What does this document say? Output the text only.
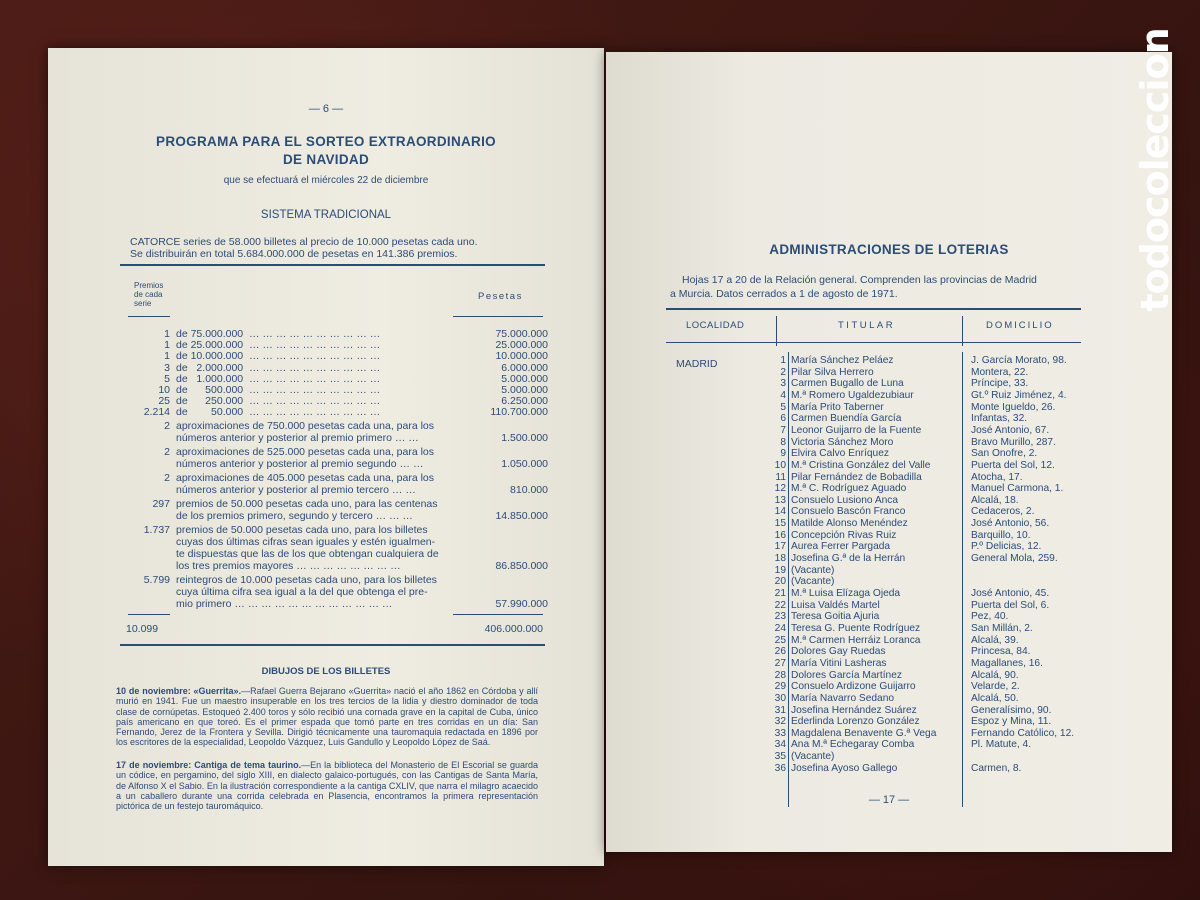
— 6 —
PROGRAMA PARA EL SORTEO EXTRAORDINARIO
DE NAVIDAD
que se efectuará el miércoles 22 de diciembre
SISTEMA TRADICIONAL
CATORCE series de 58.000 billetes al precio de 10.000 pesetas cada uno.
Se distribuirán en total 5.684.000.000 de pesetas en 141.386 premios.
Premios
de cada
serie
Pesetas
1 de 75.000.000  … … … … … … … … … …	75.000.000
1 de 25.000.000  … … … … … … … … … …	25.000.000
1 de 10.000.000  … … … … … … … … … …	10.000.000
3 de   2.000.000  … … … … … … … … … …	6.000.000
5 de   1.000.000  … … … … … … … … … …	5.000.000
10 de      500.000  … … … … … … … … … …	5.000.000
25 de      250.000  … … … … … … … … … …	6.250.000
2.214 de        50.000  … … … … … … … … … …	110.700.000
2 aproximaciones de 750.000 pesetas cada una, para los
números anterior y posterior al premio primero … …	1.500.000
2 aproximaciones de 525.000 pesetas cada una, para los
números anterior y posterior al premio segundo … …	1.050.000
2 aproximaciones de 405.000 pesetas cada una, para los
números anterior y posterior al premio tercero … …	810.000
297 premios de 50.000 pesetas cada uno, para las centenas
de los premios primero, segundo y tercero … … …	14.850.000
1.737 premios de 50.000 pesetas cada uno, para los billetes
cuyas dos últimas cifras sean iguales y estén igualmen-
te dispuestas que las de los que obtengan cualquiera de
los tres premios mayores … … … … … … … …	86.850.000
5.799 reintegros de 10.000 pesetas cada uno, para los billetes
cuya última cifra sea igual a la del que obtenga el pre-
mio primero … … … … … … … … … … … …	57.990.000
10.099	406.000.000
DIBUJOS DE LOS BILLETES
10 de noviembre: «Guerrita».—Rafael Guerra Bejarano «Guerrita» nació el año 1862 en Córdoba y allí murió en 1941. Fue un maestro insuperable en los tres tercios de la lidia y diestro dominador de toda clase de cornúpetas. Estoqueó 2.400 toros y sólo recibió una cornada grave en la capital de Cuba, único país americano en que toreó. Es el primer espada que tomó parte en tres corridas en un día: San Fernando, Jerez de la Frontera y Sevilla. Dirigió técnicamente una tauromaquia redactada en 1896 por los escritores de la especialidad, Leopoldo Vázquez, Luis Gandullo y Leopoldo López de Saá.
17 de noviembre: Cantiga de tema taurino.—En la biblioteca del Monasterio de El Escorial se guarda un códice, en pergamino, del siglo XIII, en dialecto galaico-portugués, con las Cantigas de Santa María, de Alfonso X el Sabio. En la ilustración correspondiente a la cantiga CXLIV, que narra el milagro acaecido a un caballero durante una corrida celebrada en Plasencia, encontramos la primera representación pictórica de un festejo tauromáquico.
ADMINISTRACIONES DE LOTERIAS
Hojas 17 a 20 de la Relación general. Comprenden las provincias de Madrid
a Murcia. Datos cerrados a 1 de agosto de 1971.
LOCALIDAD	TITULAR	DOMICILIO
MADRID	1 María Sánchez Peláez	J. García Morato, 98.
2 Pilar Silva Herrero	Montera, 22.
3 Carmen Bugallo de Luna	Príncipe, 33.
4 M.ª Romero Ugaldezubiaur	Gt.º Ruiz Jiménez, 4.
5 María Prito Taberner	Monte Igueldo, 26.
6 Carmen Buendía García	Infantas, 32.
7 Leonor Guijarro de la Fuente	José Antonio, 67.
8 Victoria Sánchez Moro	Bravo Murillo, 287.
9 Elvira Calvo Enríquez	San Onofre, 2.
10 M.ª Cristina González del Valle	Puerta del Sol, 12.
11 Pilar Fernández de Bobadilla	Atocha, 17.
12 M.ª C. Rodríguez Aguado	Manuel Carmona, 1.
13 Consuelo Lusiono Anca	Alcalá, 18.
14 Consuelo Bascón Franco	Cedaceros, 2.
15 Matilde Alonso Menéndez	José Antonio, 56.
16 Concepción Rivas Ruiz	Barquillo, 10.
17 Aurea Ferrer Pargada	P.º Delicias, 12.
18 Josefina G.ª de la Herrán	General Mola, 259.
19 (Vacante)
20 (Vacante)
21 M.ª Luisa Elízaga Ojeda	José Antonio, 45.
22 Luisa Valdés Martel	Puerta del Sol, 6.
23 Teresa Goitia Ajuria	Pez, 40.
24 Teresa G. Puente Rodríguez	San Millán, 2.
25 M.ª Carmen Herráiz Loranca	Alcalá, 39.
26 Dolores Gay Ruedas	Princesa, 84.
27 María Vitini Lasheras	Magallanes, 16.
28 Dolores García Martínez	Alcalá, 90.
29 Consuelo Ardizone Guijarro	Velarde, 2.
30 María Navarro Sedano	Alcalá, 50.
31 Josefina Hernández Suárez	Generalísimo, 90.
32 Ederlinda Lorenzo González	Espoz y Mina, 11.
33 Magdalena Benavente G.ª Vega	Fernando Católico, 12.
34 Ana M.ª Echegaray Comba	Pl. Matute, 4.
35 (Vacante)
36 Josefina Ayoso Gallego	Carmen, 8.
— 17 —
todocoleccion
